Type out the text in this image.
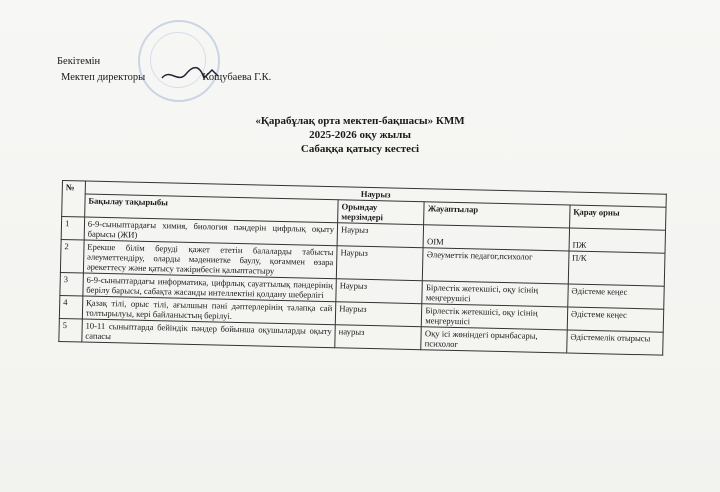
Бекітемін
Мектеп директоры	Кощубаева Г.К.
«Қарабұлақ орта мектеп-бақшасы» КММ
2025-2026 оқу жылы
Сабаққа қатысу кестесі
№	Наурыз			
	Бақылау тақырыбы	Орындау мерзімдері	Жауаптылар	Қарау орны
1	6-9-сыныптардағы химия, биология пәндерін цифрлық оқыту барысы (ЖИ)	Наурыз	ОІМ	ПЖ
2	Ерекше білім беруді қажет ететін балаларды табысты әлеуметтендіру, оларды мәдениетке баулу, қоғаммен өзара әрекеттесу және қатысу тәжірибесін қалыптастыру	Наурыз	Әлеуметтік педагог,психолог	П/К
3	6-9-сыныптардағы информатика, цифрлық сауаттылық пәндерінің берілу барысы, сабақта жасанды интеллектіні қолдану шеберлігі	Наурыз	Бірлестік жетекшісі, оқу ісінің меңгерушісі	Әдістеме кеңес
4	Қазақ тілі, орыс тілі, ағылшын пәні дәптерлерінің талапқа сай толтырылуы, кері байланыстың берілуі.	Наурыз	Бірлестік жетекшісі, оқу ісінің меңгерушісі	Әдістеме кеңес
5	10-11 сыныптарда бейіндік пәндер бойынша оқушыларды оқыту сапасы	наурыз	Оқу ісі жөніндегі орынбасары, психолог	Әдістемелік отырысы
